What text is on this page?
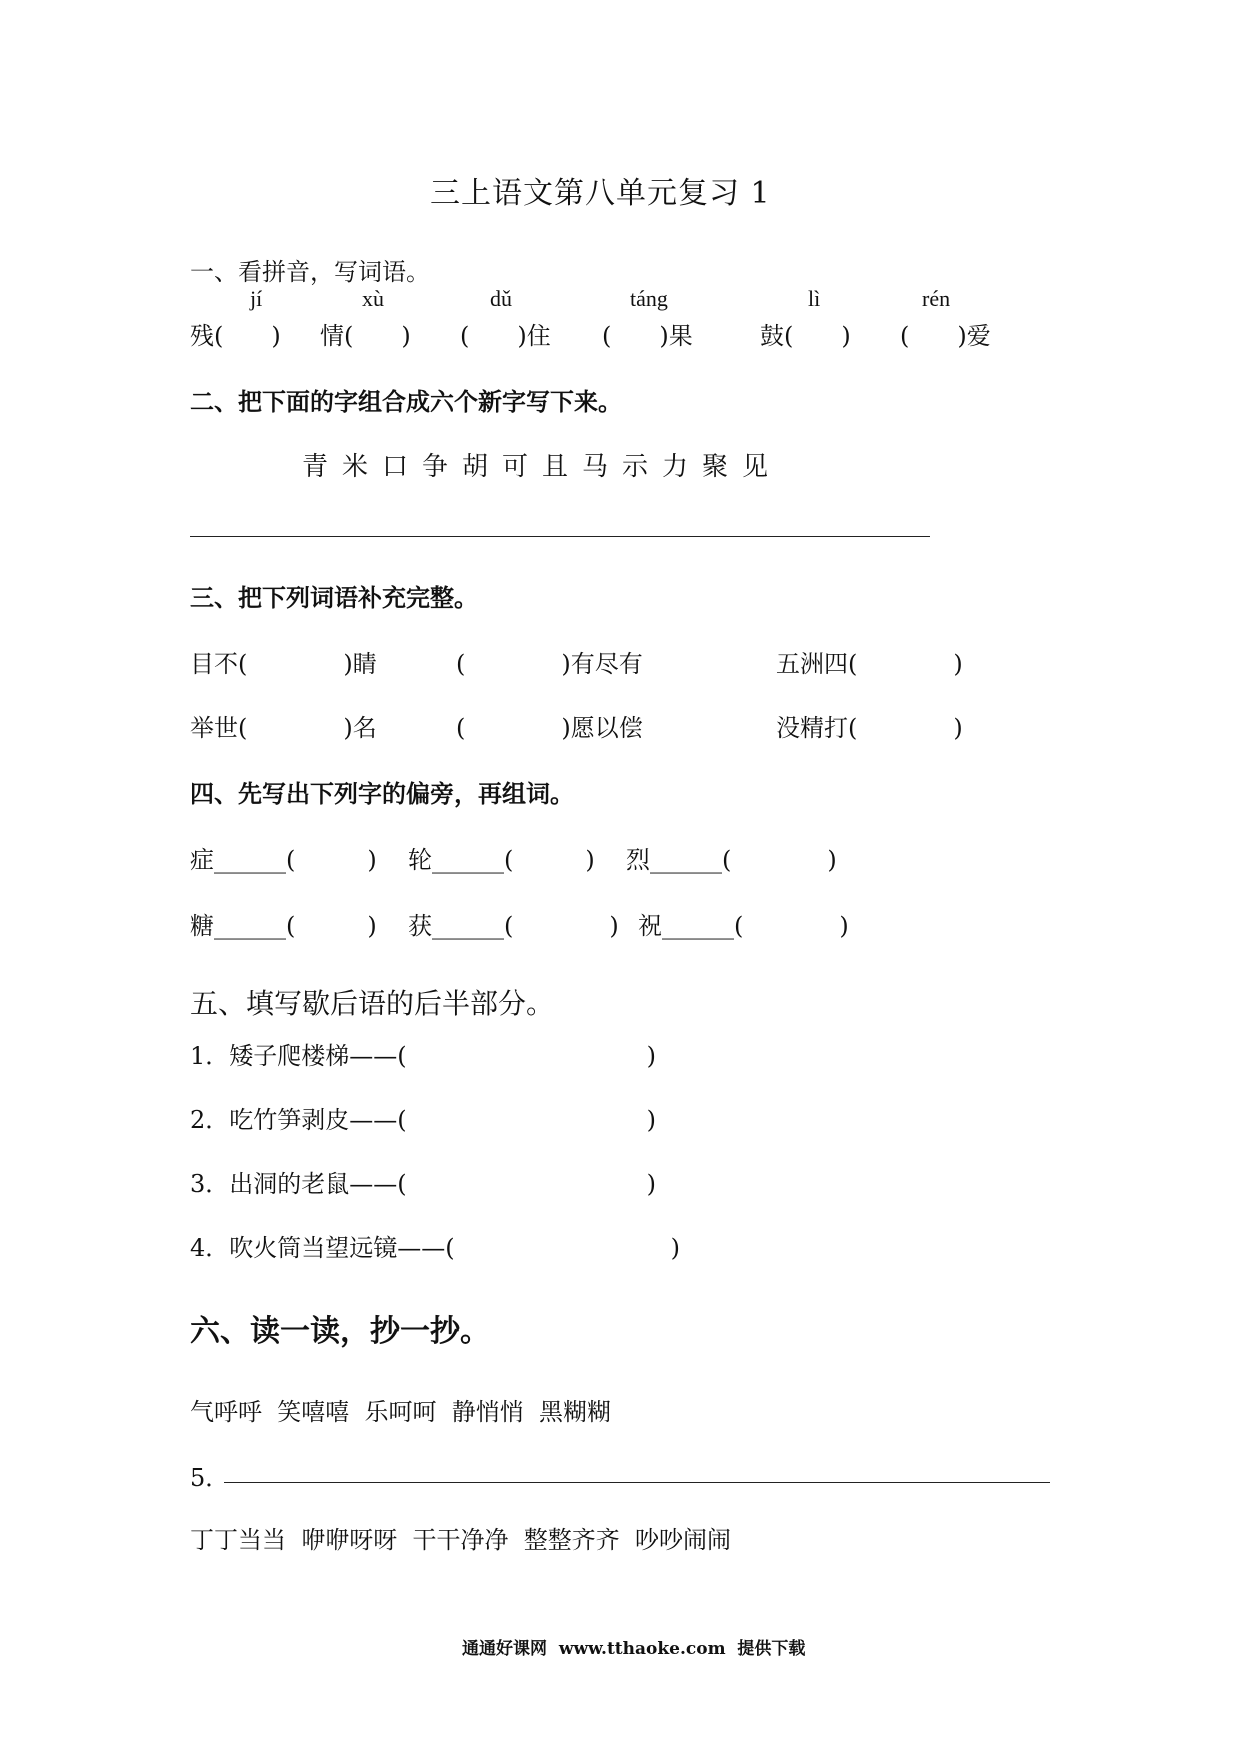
三上语文第八单元复习 1
一、看拼音，写词语。
jí	xù	dǔ	táng	lì	rén
残(　　) 情(　　) (　　)住 (　　)果	鼓(　　) (　　)爱
二、把下面的字组合成六个新字写下来。
青米口争胡可且马示力聚见
三、把下列词语补充完整。
目不(　　　　)睛	(　　　　)有尽有	五洲四(　　　　)
举世(　　　　)名	(　　　　)愿以偿	没精打(　　　　)
四、先写出下列字的偏旁，再组词。
症______(　　　) 轮______(　　　) 烈______(　　　　)
糖______(　　　) 获______(　　　　) 祝______(　　　　)
五、填写歇后语的后半部分。
1．矮子爬楼梯——(　　　　　　　　　　)
2．吃竹笋剥皮——(　　　　　　　　　　)
3．出洞的老鼠——(　　　　　　　　　　)
4．吹火筒当望远镜——(　　　　　　　　　)
六、读一读，抄一抄。
气呼呼  笑嘻嘻  乐呵呵  静悄悄  黑糊糊
5．
丁丁当当  咿咿呀呀  干干净净  整整齐齐  吵吵闹闹
通通好课网  www.tthaoke.com  提供下载
